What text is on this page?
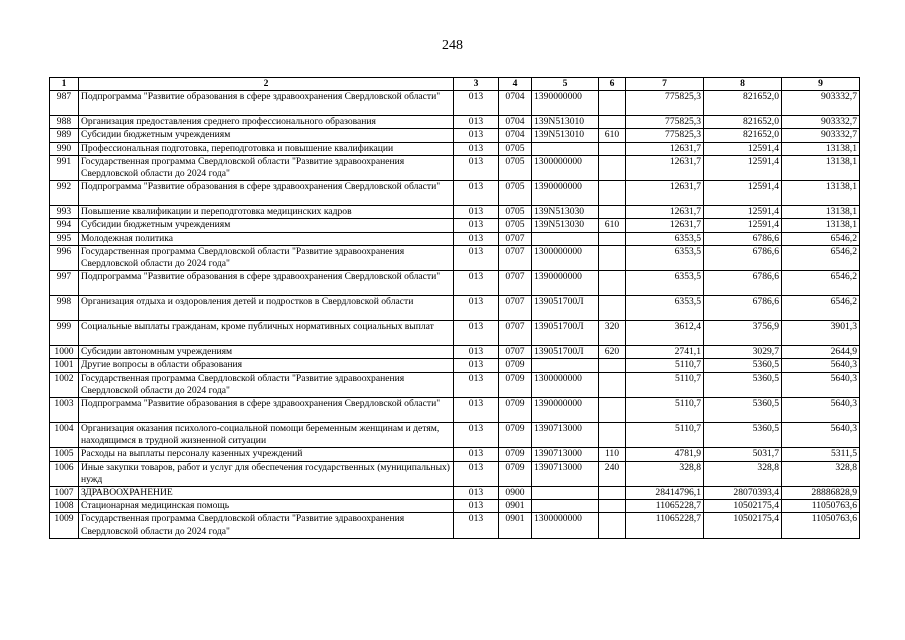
248
1	2	3	4	5	6	7	8	9
987	Подпрограмма "Развитие образования в сфере здравоохранения Свердловской области"	013	0704	1390000000		775825,3	821652,0	903332,7
988	Организация предоставления среднего профессионального образования	013	0704	139N513010		775825,3	821652,0	903332,7
989	Субсидии бюджетным учреждениям	013	0704	139N513010	610	775825,3	821652,0	903332,7
990	Профессиональная подготовка, переподготовка и повышение квалификации	013	0705			12631,7	12591,4	13138,1
991	Государственная программа Свердловской области "Развитие здравоохранения Свердловской области до 2024 года"	013	0705	1300000000		12631,7	12591,4	13138,1
992	Подпрограмма "Развитие образования в сфере здравоохранения Свердловской области"	013	0705	1390000000		12631,7	12591,4	13138,1
993	Повышение квалификации и переподготовка медицинских кадров	013	0705	139N513030		12631,7	12591,4	13138,1
994	Субсидии бюджетным учреждениям	013	0705	139N513030	610	12631,7	12591,4	13138,1
995	Молодежная политика	013	0707			6353,5	6786,6	6546,2
996	Государственная программа Свердловской области "Развитие здравоохранения Свердловской области до 2024 года"	013	0707	1300000000		6353,5	6786,6	6546,2
997	Подпрограмма "Развитие образования в сфере здравоохранения Свердловской области"	013	0707	1390000000		6353,5	6786,6	6546,2
998	Организация отдыха и оздоровления детей и подростков в Свердловской области	013	0707	139051700Л		6353,5	6786,6	6546,2
999	Социальные выплаты гражданам, кроме публичных нормативных социальных выплат	013	0707	139051700Л	320	3612,4	3756,9	3901,3
1000	Субсидии автономным учреждениям	013	0707	139051700Л	620	2741,1	3029,7	2644,9
1001	Другие вопросы в области образования	013	0709			5110,7	5360,5	5640,3
1002	Государственная программа Свердловской области "Развитие здравоохранения Свердловской области до 2024 года"	013	0709	1300000000		5110,7	5360,5	5640,3
1003	Подпрограмма "Развитие образования в сфере здравоохранения Свердловской области"	013	0709	1390000000		5110,7	5360,5	5640,3
1004	Организация оказания психолого-социальной помощи беременным женщинам и детям, находящимся в трудной жизненной ситуации	013	0709	1390713000		5110,7	5360,5	5640,3
1005	Расходы на выплаты персоналу казенных учреждений	013	0709	1390713000	110	4781,9	5031,7	5311,5
1006	Иные закупки товаров, работ и услуг для обеспечения государственных (муниципальных) нужд	013	0709	1390713000	240	328,8	328,8	328,8
1007	ЗДРАВООХРАНЕНИЕ	013	0900			28414796,1	28070393,4	28886828,9
1008	Стационарная медицинская помощь	013	0901			11065228,7	10502175,4	11050763,6
1009	Государственная программа Свердловской области "Развитие здравоохранения Свердловской области до 2024 года"	013	0901	1300000000		11065228,7	10502175,4	11050763,6
